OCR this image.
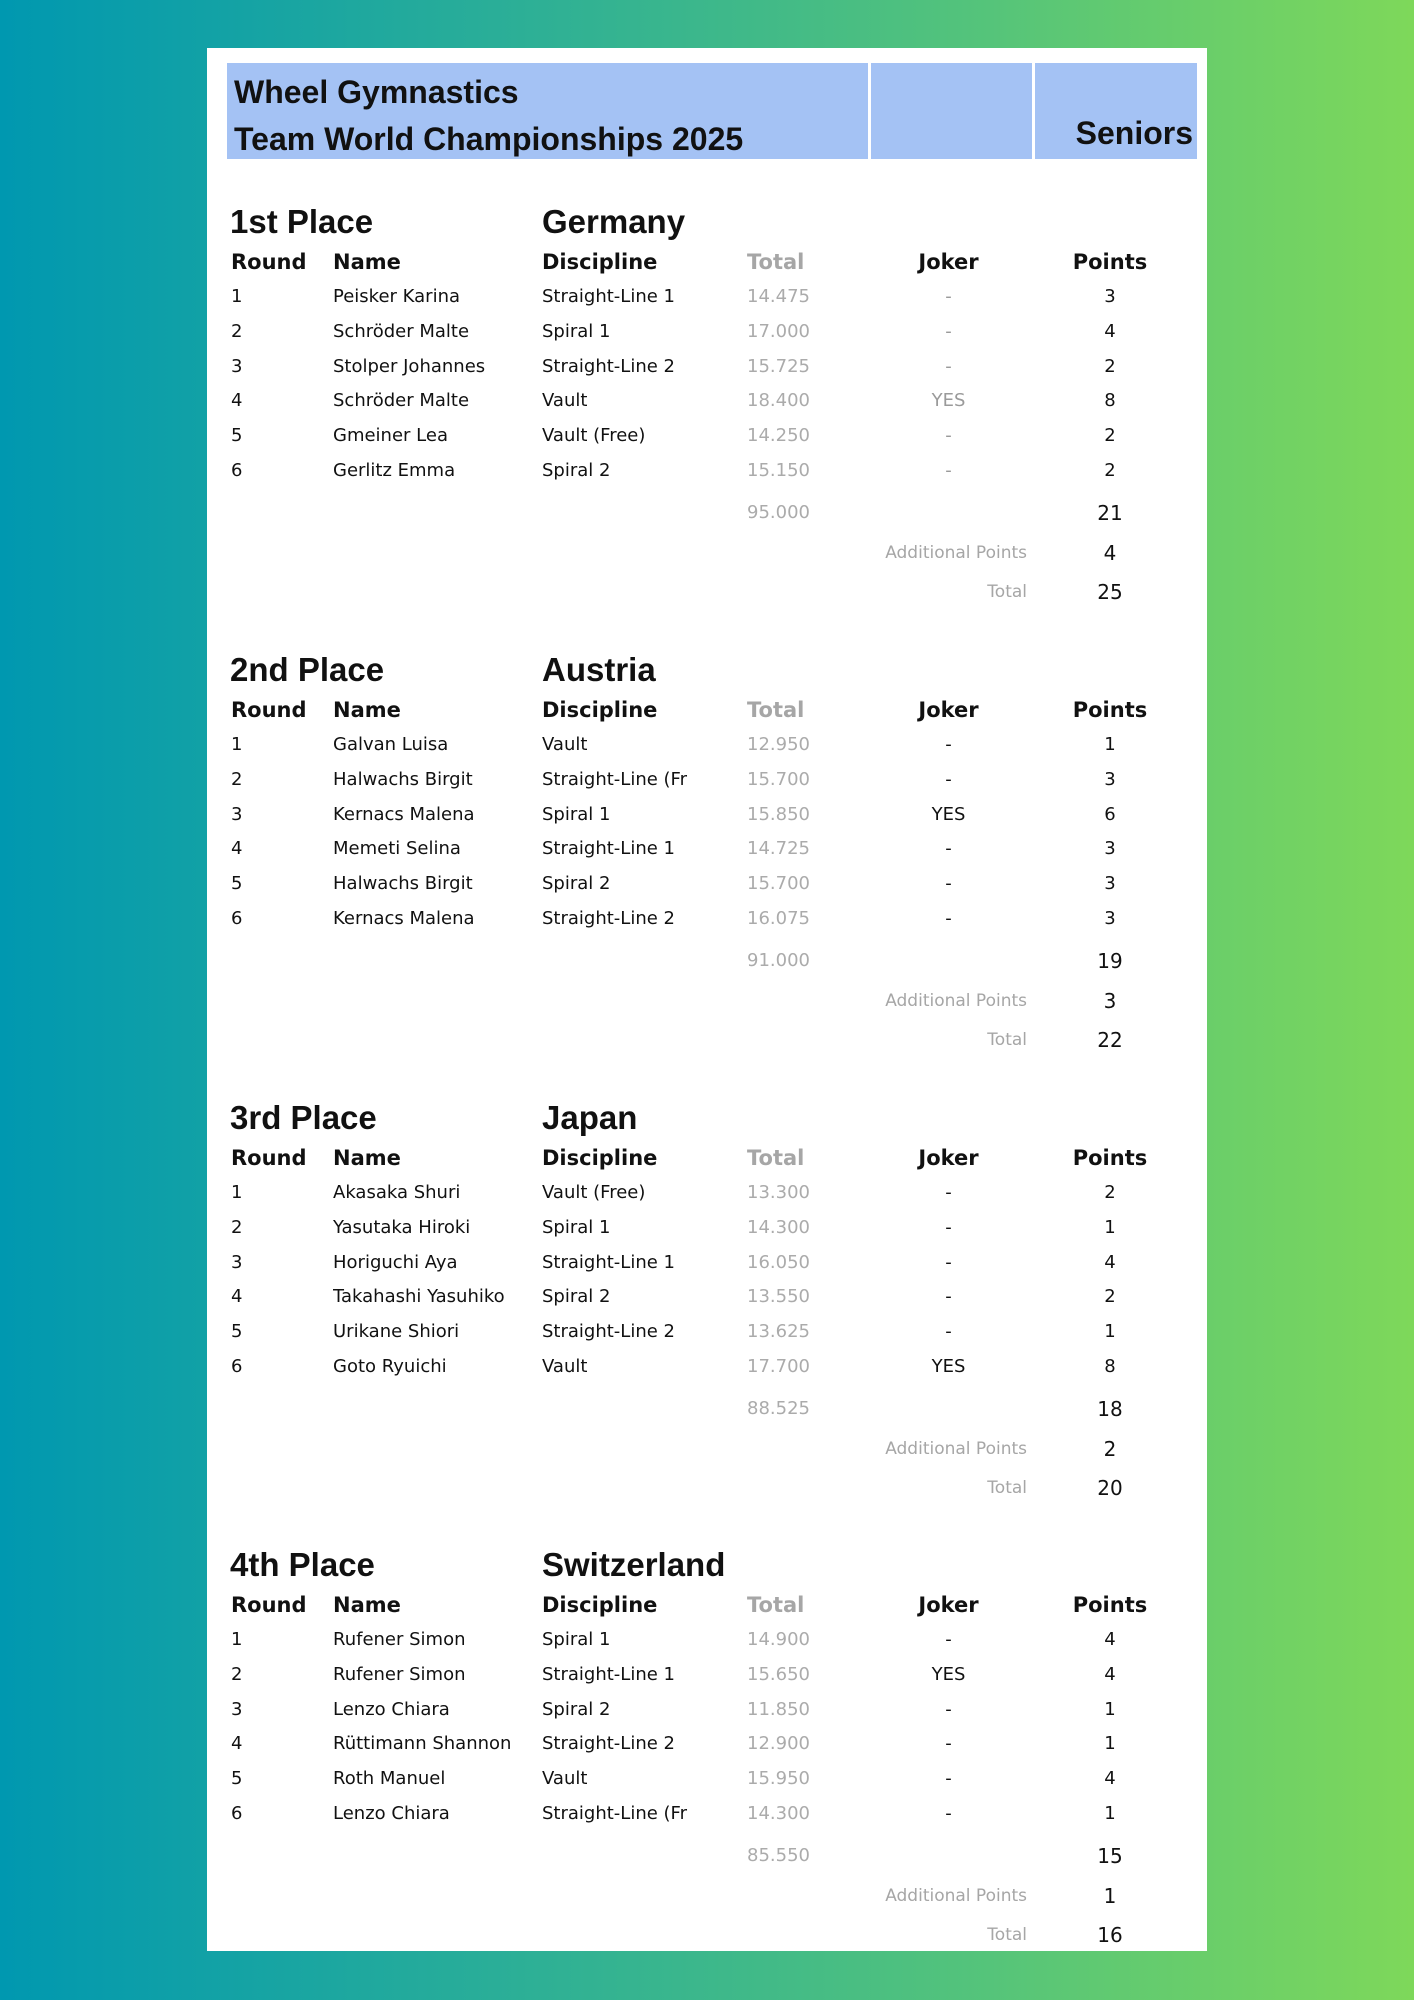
Wheel Gymnastics
Team World Championships 2025	Seniors
1st Place	Germany
Round	Name	Discipline	Total	Joker	Points
1	Peisker Karina	Straight-Line 1	14.475	-	3
2	Schröder Malte	Spiral 1	17.000	-	4
3	Stolper Johannes	Straight-Line 2	15.725	-	2
4	Schröder Malte	Vault	18.400	YES	8
5	Gmeiner Lea	Vault (Free)	14.250	-	2
6	Gerlitz Emma	Spiral 2	15.150	-	2
95.000	21
Additional Points	4
Total	25
2nd Place	Austria
Round	Name	Discipline	Total	Joker	Points
1	Galvan Luisa	Vault	12.950	-	1
2	Halwachs Birgit	Straight-Line (Fr	15.700	-	3
3	Kernacs Malena	Spiral 1	15.850	YES	6
4	Memeti Selina	Straight-Line 1	14.725	-	3
5	Halwachs Birgit	Spiral 2	15.700	-	3
6	Kernacs Malena	Straight-Line 2	16.075	-	3
91.000	19
Additional Points	3
Total	22
3rd Place	Japan
Round	Name	Discipline	Total	Joker	Points
1	Akasaka Shuri	Vault (Free)	13.300	-	2
2	Yasutaka Hiroki	Spiral 1	14.300	-	1
3	Horiguchi Aya	Straight-Line 1	16.050	-	4
4	Takahashi Yasuhiko	Spiral 2	13.550	-	2
5	Urikane Shiori	Straight-Line 2	13.625	-	1
6	Goto Ryuichi	Vault	17.700	YES	8
88.525	18
Additional Points	2
Total	20
4th Place	Switzerland
Round	Name	Discipline	Total	Joker	Points
1	Rufener Simon	Spiral 1	14.900	-	4
2	Rufener Simon	Straight-Line 1	15.650	YES	4
3	Lenzo Chiara	Spiral 2	11.850	-	1
4	Rüttimann Shannon	Straight-Line 2	12.900	-	1
5	Roth Manuel	Vault	15.950	-	4
6	Lenzo Chiara	Straight-Line (Fr	14.300	-	1
85.550	15
Additional Points	1
Total	16
